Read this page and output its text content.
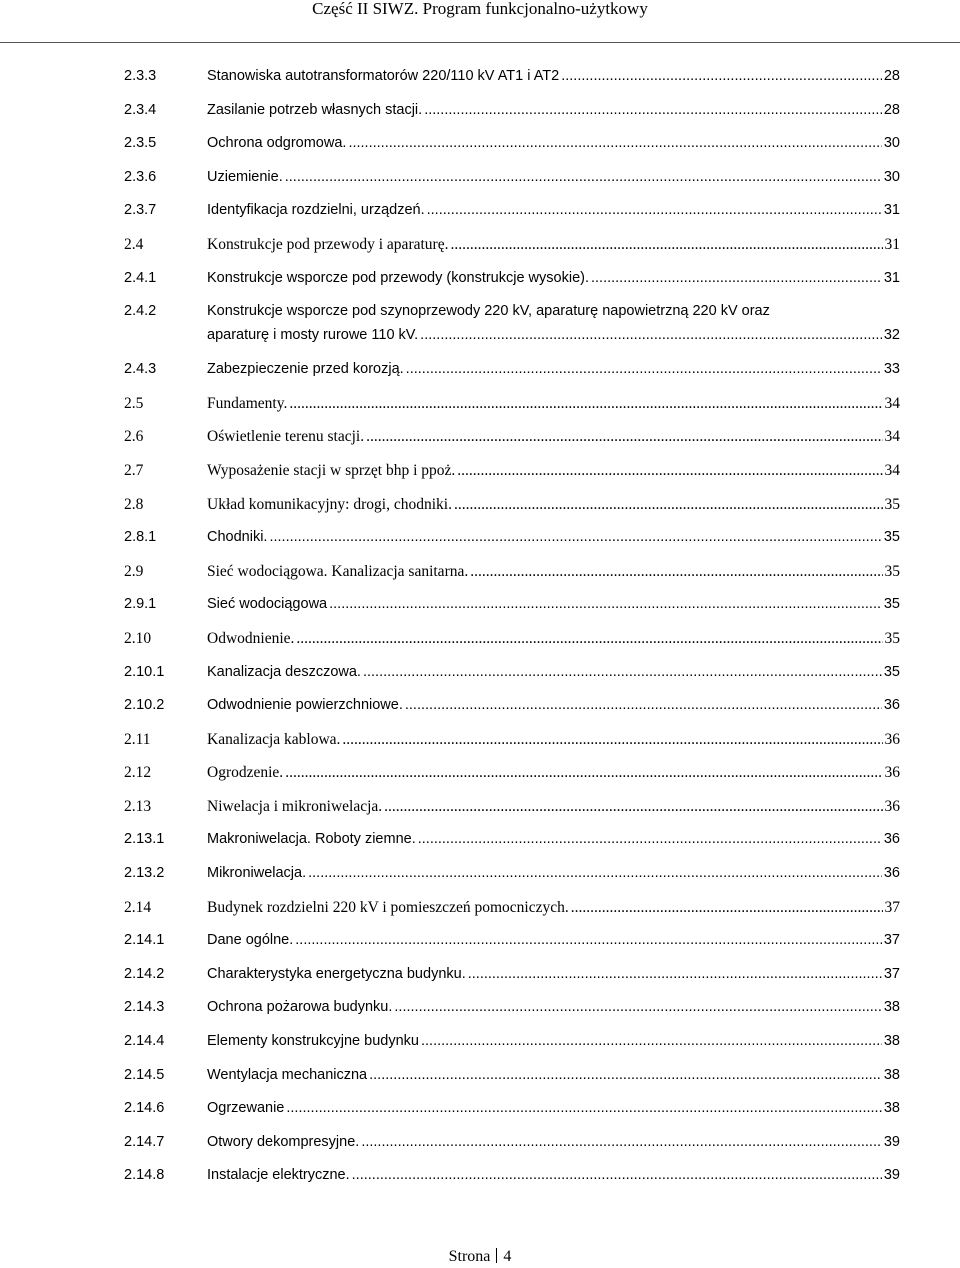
Część II SIWZ. Program funkcjonalno-użytkowy
2.3.3	Stanowiska autotransformatorów 220/110 kV AT1 i AT2 .....	28
2.3.4	Zasilanie potrzeb własnych stacji. .....	28
2.3.5	Ochrona odgromowa. .....	30
2.3.6	Uziemienie. .....	30
2.3.7	Identyfikacja rozdzielni, urządzeń. .....	31
2.4	Konstrukcje pod przewody i aparaturę. .....	31
2.4.1	Konstrukcje wsporcze pod przewody (konstrukcje wysokie). .....	31
2.4.2	Konstrukcje wsporcze pod szynoprzewody 220 kV, aparaturę napowietrzną 220 kV oraz
aparaturę i mosty rurowe 110 kV. .....	32
2.4.3	Zabezpieczenie przed korozją. .....	33
2.5	Fundamenty. .....	34
2.6	Oświetlenie terenu stacji. .....	34
2.7	Wyposażenie stacji w sprzęt bhp i ppoż. .....	34
2.8	Układ komunikacyjny: drogi, chodniki. .....	35
2.8.1	Chodniki. .....	35
2.9	Sieć wodociągowa. Kanalizacja sanitarna. .....	35
2.9.1	Sieć wodociągowa .....	35
2.10	Odwodnienie. .....	35
2.10.1	Kanalizacja deszczowa. .....	35
2.10.2	Odwodnienie powierzchniowe. .....	36
2.11	Kanalizacja kablowa. .....	36
2.12	Ogrodzenie. .....	36
2.13	Niwelacja i mikroniwelacja. .....	36
2.13.1	Makroniwelacja. Roboty ziemne. .....	36
2.13.2	Mikroniwelacja. .....	36
2.14	Budynek rozdzielni 220 kV i pomieszczeń pomocniczych. .....	37
2.14.1	Dane ogólne. .....	37
2.14.2	Charakterystyka energetyczna budynku. .....	37
2.14.3	Ochrona pożarowa budynku. .....	38
2.14.4	Elementy konstrukcyjne budynku .....	38
2.14.5	Wentylacja mechaniczna .....	38
2.14.6	Ogrzewanie .....	38
2.14.7	Otwory dekompresyjne. .....	39
2.14.8	Instalacje elektryczne. .....	39
Strona 4
